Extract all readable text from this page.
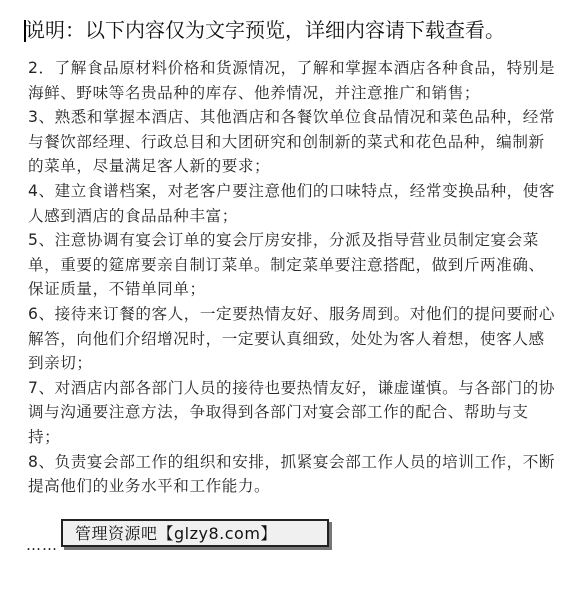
说明：以下内容仅为文字预览，详细内容请下载查看。
2．了解食品原材料价格和货源情况，了解和掌握本酒店各种食品，特别是海鲜、野味等名贵品种的库存、他养情况，并注意推广和销售；
3、熟悉和掌握本酒店、其他酒店和各餐饮单位食品情况和菜色品种，经常与餐饮部经理、行政总目和大团研究和创制新的菜式和花色品种，编制新的菜单，尽量满足客人新的要求；
4、建立食谱档案，对老客户要注意他们的口味特点，经常变换品种，使客人感到酒店的食品品种丰富；
5、注意协调有宴会订单的宴会厅房安排，分派及指导营业员制定宴会菜单，重要的筵席要亲自制订菜单。制定菜单要注意搭配，做到斤两准确、保证质量，不错单同单；
6、接待来订餐的客人，一定要热情友好、服务周到。对他们的提问要耐心解答，向他们介绍增况时，一定要认真细致，处处为客人着想，使客人感到亲切；
7、对酒店内部各部门人员的接待也要热情友好，谦虚谨慎。与各部门的协调与沟通要注意方法，争取得到各部门对宴会部工作的配合、帮助与支持；
8、负责宴会部工作的组织和安排，抓紧宴会部工作人员的培训工作，不断提高他们的业务水平和工作能力。
……
管理资源吧【glzy8.com】
